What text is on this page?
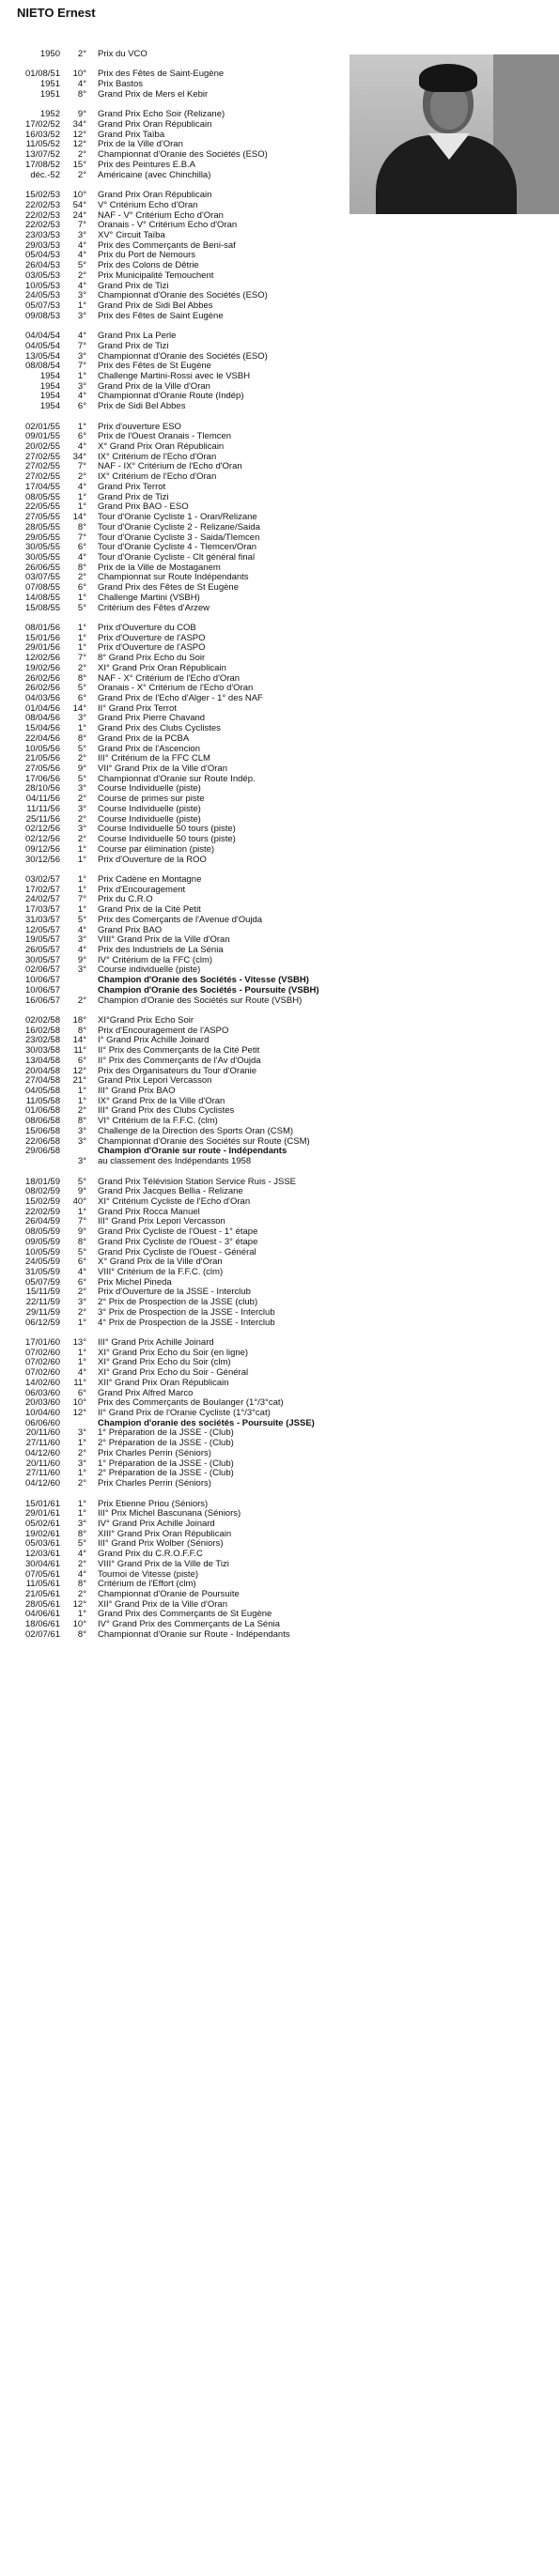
NIETO Ernest
1950	2° Prix du VCO
01/08/51	10° Prix des Fêtes de Saint-Eugène
1951	4° Prix Bastos
1951	8° Grand Prix de Mers el Kebir
1952	9° Grand Prix Echo Soir (Relizane)
17/02/52	34° Grand Prix Oran Républicain
16/03/52	12° Grand Prix Taïba
11/05/52	12° Prix de la Ville d'Oran
13/07/52	2° Championnat d'Oranie des Sociétés (ESO)
17/08/52	15° Prix des Peintures E.B.A
déc.-52	2° Américaine (avec Chinchilla)
15/02/53	10° Grand Prix Oran Républicain
22/02/53	54° V° Critérium Echo d'Oran
22/02/53	24° NAF - V° Critérium Echo d'Oran
22/02/53	7° Oranais - V° Critérium Echo d'Oran
23/03/53	3° XV° Circuit Taïba
29/03/53	4° Prix des Commerçants de Beni-saf
05/04/53	4° Prix du Port de Nemours
26/04/53	5° Prix des Colons de Dêtrie
03/05/53	2° Prix Municipalité Temouchent
10/05/53	4° Grand Prix de Tizi
24/05/53	3° Championnat d'Oranie des Sociétés (ESO)
05/07/53	1° Grand Prix de Sidi Bel Abbes
09/08/53	3° Prix des Fêtes de Saint Eugène
04/04/54	4° Grand Prix La Perle
04/05/54	7° Grand Prix de Tizi
13/05/54	3° Championnat d'Oranie des Sociétés (ESO)
08/08/54	7° Prix des Fêtes de St Eugène
1954	1° Challenge Martini-Rossi avec le VSBH
1954	3° Grand Prix de la Ville d'Oran
1954	4° Championnat d'Oranie Route (Indép)
1954	6° Prix de Sidi Bel Abbes
02/01/55	1° Prix d'ouverture ESO
09/01/55	6° Prix de l'Ouest Oranais - Tlemcen
20/02/55	4° X° Grand Prix Oran Républicain
27/02/55	34° IX° Critérium de l'Echo d'Oran
27/02/55	7° NAF - IX° Critérium de l'Echo d'Oran
27/02/55	2° IX° Critérium de l'Echo d'Oran
17/04/55	4° Grand Prix Terrot
08/05/55	1° Grand Prix de Tizi
22/05/55	1° Grand Prix BAO - ESO
27/05/55	14° Tour d'Oranie Cycliste 1 - Oran/Relizane
28/05/55	8° Tour d'Oranie Cycliste 2 - Relizane/Saida
29/05/55	7° Tour d'Oranie Cycliste 3 - Saida/Tlemcen
30/05/55	6° Tour d'Oranie Cycliste 4 - Tlemcen/Oran
30/05/55	4° Tour d'Oranie Cycliste - Clt général final
26/06/55	8° Prix de la Ville de Mostaganem
03/07/55	2° Championnat sur Route Indépendants
07/08/55	6° Grand Prix des Fêtes de St Eugène
14/08/55	1° Challenge Martini (VSBH)
15/08/55	5° Critérium des Fêtes d'Arzew
08/01/56	1° Prix d'Ouverture du COB
15/01/56	1° Prix d'Ouverture de l'ASPO
29/01/56	1° Prix d'Ouverture de l'ASPO
12/02/56	7° 8° Grand Prix Echo du Soir
19/02/56	2° XI° Grand Prix Oran Républicain
26/02/56	8° NAF - X° Critérium de l'Echo d'Oran
26/02/56	5° Oranais - X° Critérium de l'Echo d'Oran
04/03/56	6° Grand Prix de l'Echo d'Alger - 1° des NAF
01/04/56	14° II° Grand Prix Terrot
08/04/56	3° Grand Prix Pierre Chavand
15/04/56	1° Grand Prix des Clubs Cyclistes
22/04/56	8° Grand Prix de la PCBA
10/05/56	5° Grand Prix de l'Ascencion
21/05/56	2° III° Critérium de la FFC CLM
27/05/56	9° VII° Grand Prix de la Ville d'Oran
17/06/56	5° Championnat d'Oranie sur Route Indép.
28/10/56	3° Course Individuelle (piste)
04/11/56	2° Course de primes sur piste
11/11/56	3° Course Individuelle (piste)
25/11/56	2° Course Individuelle (piste)
02/12/56	3° Course Individuelle 50 tours (piste)
02/12/56	2° Course Individuelle 50 tours (piste)
09/12/56	1° Course par élimination (piste)
30/12/56	1° Prix d'Ouverture de la ROO
03/02/57	1° Prix Cadène en Montagne
17/02/57	1° Prix d'Encouragement
24/02/57	7° Prix du C.R.O
17/03/57	1° Grand Prix de la Cité Petit
31/03/57	5° Prix des Comerçants de l'Avenue d'Oujda
12/05/57	4° Grand Prix BAO
19/05/57	3° VIII° Grand Prix de la Ville d'Oran
26/05/57	4° Prix des Industriels de La Sénia
30/05/57	9° IV° Critérium de la FFC (clm)
02/06/57	3° Course individuelle (piste)
10/06/57	Champion d'Oranie des Sociétés - Vitesse (VSBH)
10/06/57	Champion d'Oranie des Sociétés - Poursuite (VSBH)
16/06/57	2° Champion d'Oranie des Sociétés sur Route (VSBH)
02/02/58	18° XI°Grand Prix Echo Soir
16/02/58	8° Prix d'Encouragement de l'ASPO
23/02/58	14° I° Grand Prix Achille Joinard
30/03/58	11° II° Prix des Commerçants de la Cité Petit
13/04/58	6° II° Prix des Commerçants de l'Av d'Oujda
20/04/58	12° Prix des Organisateurs du Tour d'Oranie
27/04/58	21° Grand Prix Lepori Vercasson
04/05/58	1° III° Grand Prix BAO
11/05/58	1° IX° Grand Prix de la Ville d'Oran
01/06/58	2° III° Grand Prix des Clubs Cyclistes
08/06/58	8° VI° Critérium de la F.F.C. (clm)
15/06/58	3° Challenge de la Direction des Sports Oran (CSM)
22/06/58	3° Championnat d'Oranie des Sociétés sur Route (CSM)
29/06/58	Champion d'Oranie sur route - Indépendants
3° au classement des Indépendants 1958
18/01/59	5° Grand Prix Télévision Station Service Ruis - JSSE
08/02/59	9° Grand Prix Jacques Bellia - Relizane
15/02/59	40° XI° Critérium Cycliste de l'Echo d'Oran
22/02/59	1° Grand Prix Rocca Manuel
26/04/59	7° III° Grand Prix Lepori Vercasson
08/05/59	9° Grand Prix Cycliste de l'Ouest - 1° étape
09/05/59	8° Grand Prix Cycliste de l'Ouest - 3° étape
10/05/59	5° Grand Prix Cycliste de l'Ouest - Général
24/05/59	6° X° Grand Prix de la Ville d'Oran
31/05/59	4° VIII° Critérium de la F.F.C. (clm)
05/07/59	6° Prix Michel Pineda
15/11/59	2° Prix d'Ouverture de la JSSE - Interclub
22/11/59	3° 2° Prix de Prospection de la JSSE (club)
29/11/59	2° 3° Prix de Prospection de la JSSE - Interclub
06/12/59	1° 4° Prix de Prospection de la JSSE - Interclub
17/01/60	13° III° Grand Prix Achille Joinard
07/02/60	1° XI° Grand Prix Echo du Soir (en ligne)
07/02/60	1° XI° Grand Prix Echo du Soir (clm)
07/02/60	4° XI° Grand Prix Echo du Soir - Général
14/02/60	11° XII° Grand Prix Oran Républicain
06/03/60	6° Grand Prix Alfred Marco
20/03/60	10° Prix des Commerçants de Boulanger (1°/3°cat)
10/04/60	12° II° Grand Prix de l'Oranie Cycliste (1°/3°cat)
06/06/60	Champion d'oranie des sociétés - Poursuite (JSSE)
20/11/60	3° 1° Préparation de la JSSE - (Club)
27/11/60	1° 2° Préparation de la JSSE - (Club)
04/12/60	2° Prix Charles Perrin (Séniors)
20/11/60	3° 1° Préparation de la JSSE - (Club)
27/11/60	1° 2° Préparation de la JSSE - (Club)
04/12/60	2° Prix Charles Perrin (Séniors)
15/01/61	1° Prix Etienne Priou (Séniors)
29/01/61	1° III° Prix Michel Bascunana (Séniors)
05/02/61	3° IV° Grand Prix Achille Joinard
19/02/61	8° XIII° Grand Prix Oran Républicain
05/03/61	5° III° Grand Prix Wolber (Séniors)
12/03/61	4° Grand Prix du C.R.O.F.F.C
30/04/61	2° VIII° Grand Prix de la Ville de Tizi
07/05/61	4° Tournoi de Vitesse (piste)
11/05/61	8° Critérium de l'Effort (clm)
21/05/61	2° Championnat d'Oranie de Poursuite
28/05/61	12° XII° Grand Prix de la Ville d'Oran
04/06/61	1° Grand Prix des Commerçants de St Eugène
18/06/61	10° IV° Grand Prix des Commerçants de La Sénia
02/07/61	8° Championnat d'Oranie sur Route - Indépendants
